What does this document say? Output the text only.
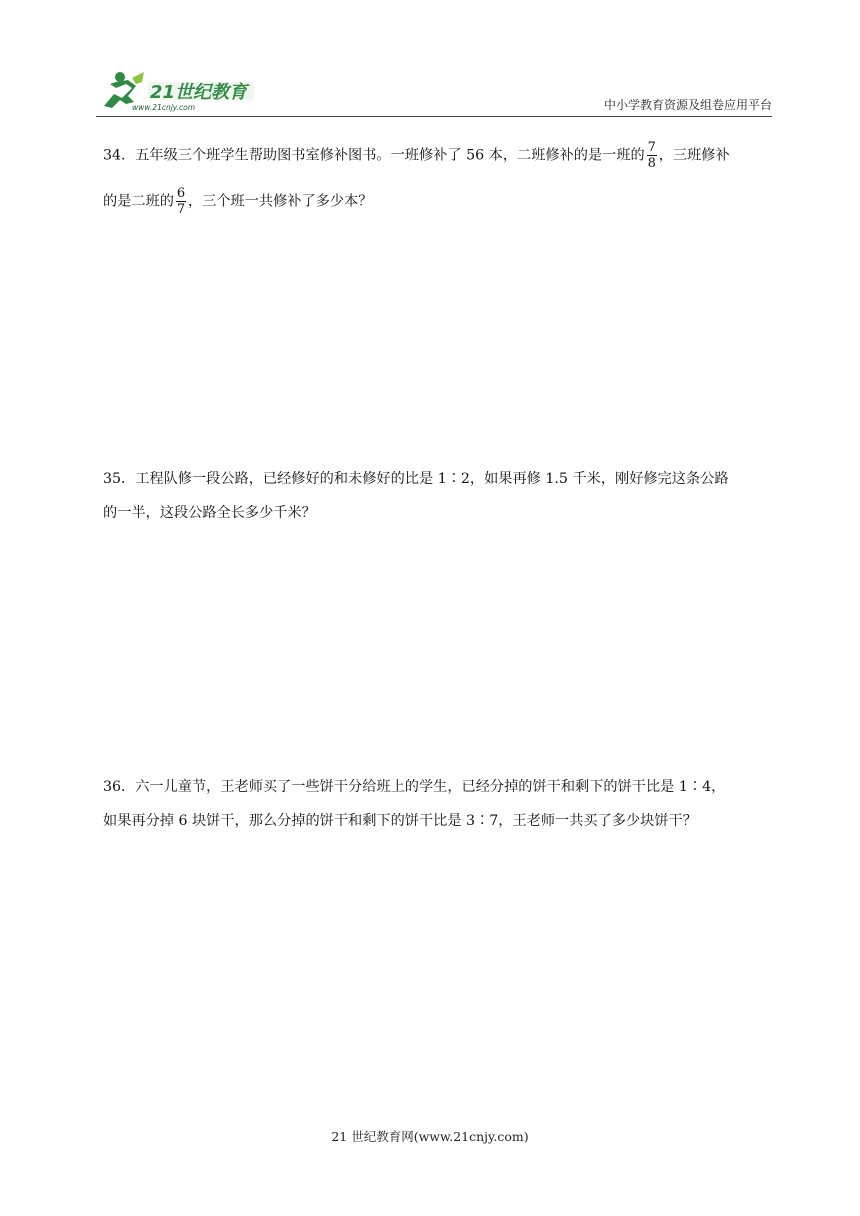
21世纪教育
www.21cnjy.com	中小学教育资源及组卷应用平台
34．五年级三个班学生帮助图书室修补图书。一班修补了 56 本，二班修补的是一班的 $\frac{7}{8}$ ，三班修补
的是二班的 $\frac{6}{7}$ ，三个班一共修补了多少本？
35．工程队修一段公路，已经修好的和未修好的比是 1∶2，如果再修 1.5 千米，刚好修完这条公路
的一半，这段公路全长多少千米？
36．六一儿童节，王老师买了一些饼干分给班上的学生，已经分掉的饼干和剩下的饼干比是 1∶4，
如果再分掉 6 块饼干，那么分掉的饼干和剩下的饼干比是 3∶7，王老师一共买了多少块饼干？
21 世纪教育网(www.21cnjy.com)
